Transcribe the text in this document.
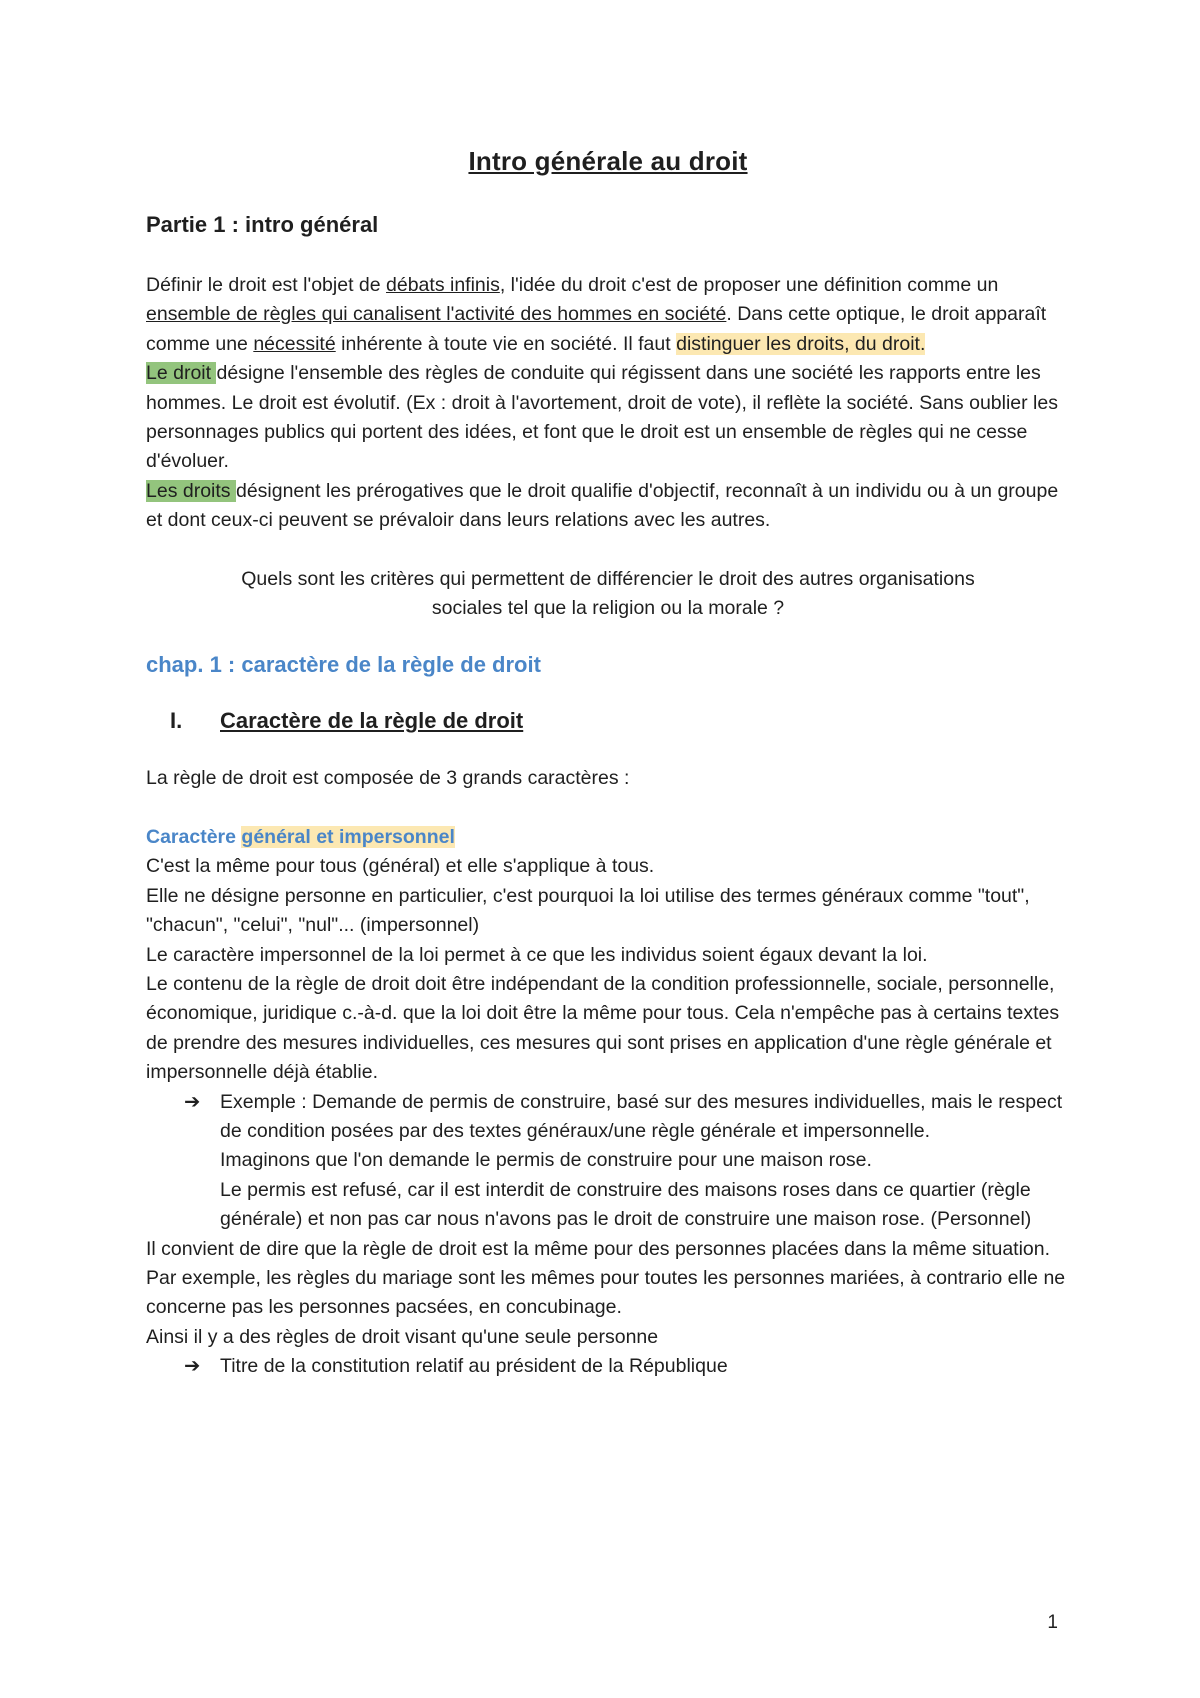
Intro générale au droit
Partie 1 : intro général

Définir le droit est l'objet de débats infinis, l'idée du droit c'est de proposer une définition comme un ensemble de règles qui canalisent l'activité des hommes en société. Dans cette optique, le droit apparaît comme une nécessité inhérente à toute vie en société. Il faut distinguer les droits, du droit.

Le droit désigne l'ensemble des règles de conduite qui régissent dans une société les rapports entre les hommes. Le droit est évolutif. (Ex : droit à l'avortement, droit de vote), il reflète la société. Sans oublier les personnages publics qui portent des idées, et font que le droit est un ensemble de règles qui ne cesse d'évoluer.

Les droits désignent les prérogatives que le droit qualifie d'objectif, reconnaît à un individu ou à un groupe et dont ceux-ci peuvent se prévaloir dans leurs relations avec les autres.

Quels sont les critères qui permettent de différencier le droit des autres organisations

sociales tel que la religion ou la morale ?

chap. 1 : caractère de la règle de droit
I.	Caractère de la règle de droit

La règle de droit est composée de 3 grands caractères :

Caractère général et impersonnel

C'est la même pour tous (général) et elle s'applique à tous.

Elle ne désigne personne en particulier, c'est pourquoi la loi utilise des termes généraux comme "tout", "chacun", "celui", "nul"... (impersonnel)

Le caractère impersonnel de la loi permet à ce que les individus soient égaux devant la loi.

Le contenu de la règle de droit doit être indépendant de la condition professionnelle, sociale, personnelle, économique, juridique c.-à-d. que la loi doit être la même pour tous. Cela n'empêche pas à certains textes de prendre des mesures individuelles, ces mesures qui sont prises en application d'une règle générale et impersonnelle déjà établie.

➔	Exemple : Demande de permis de construire, basé sur des mesures individuelles, mais le respect de condition posées par des textes généraux/une règle générale et impersonnelle.
Imaginons que l'on demande le permis de construire pour une maison rose.
Le permis est refusé, car il est interdit de construire des maisons roses dans ce quartier (règle générale) et non pas car nous n'avons pas le droit de construire une maison rose. (Personnel)

Il convient de dire que la règle de droit est la même pour des personnes placées dans la même situation. Par exemple, les règles du mariage sont les mêmes pour toutes les personnes mariées, à contrario elle ne concerne pas les personnes pacsées, en concubinage.

Ainsi il y a des règles de droit visant qu'une seule personne

➔	Titre de la constitution relatif au président de la République
1
